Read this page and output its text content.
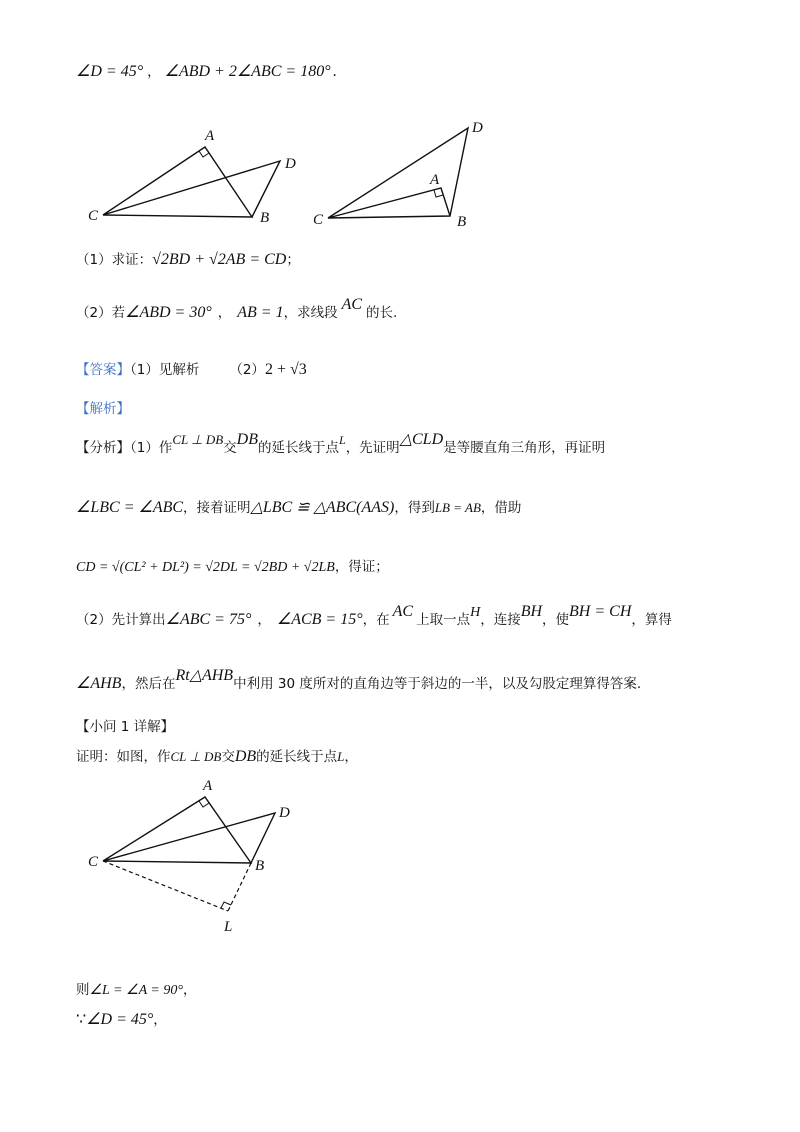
∠D = 45° ， ∠ABD + 2∠ABC = 180° .
A
D
C	B
D
A
C	B
（1）求证：√2BD + √2AB = CD；
（2）若∠ABD = 30° ， AB = 1，求线段 AC 的长.
【答案】（1）见解析 （2）2 + √3
【解析】
【分析】（1）作CL ⊥ DB交DB的延长线于点L，先证明△CLD是等腰直角三角形，再证明
∠LBC = ∠ABC，接着证明△LBC ≌ △ABC(AAS)，得到LB = AB，借助
CD = √(CL² + DL²) = √2DL = √2BD + √2LB，得证；
（2）先计算出∠ABC = 75° ， ∠ACB = 15°，在 AC 上取一点H，连接BH，使BH = CH，算得
∠AHB，然后在Rt△AHB中利用 30 度所对的直角边等于斜边的一半，以及勾股定理算得答案.
【小问 1 详解】
证明：如图，作CL ⊥ DB交DB的延长线于点L，
A
D
C	B
L
则∠L = ∠A = 90°，
∵∠D = 45°，
